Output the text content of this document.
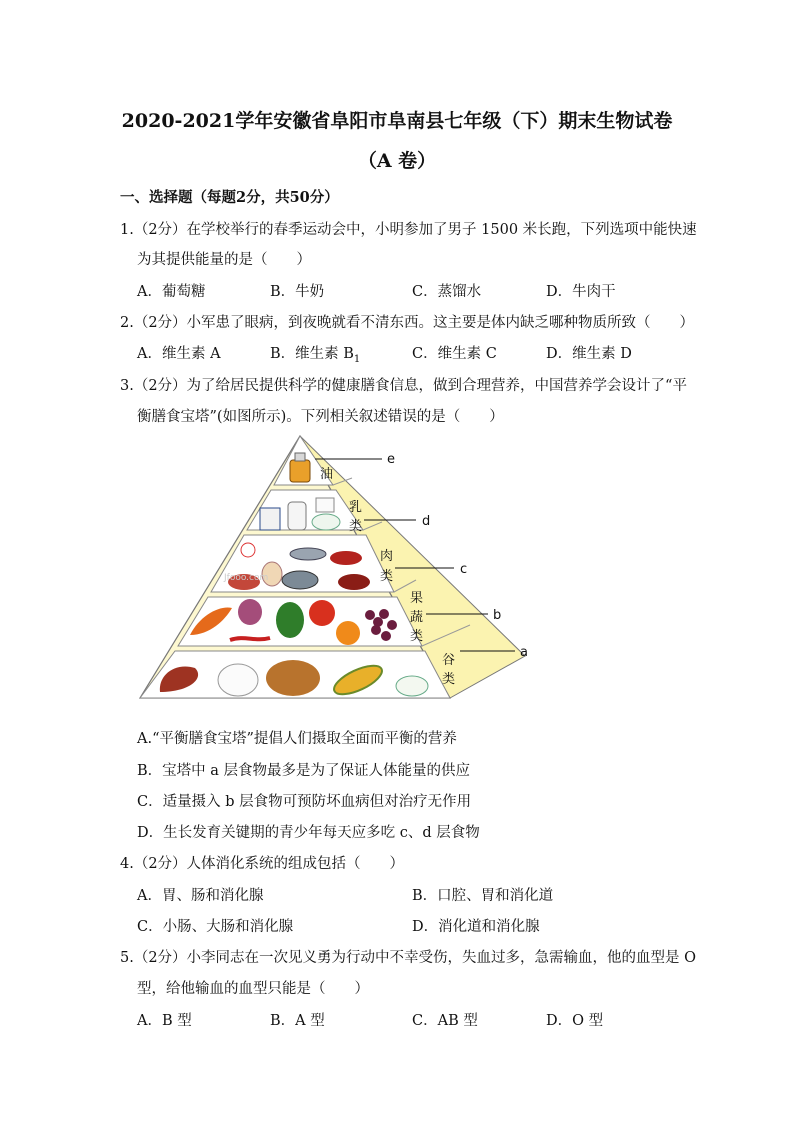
2020-2021学年安徽省阜阳市阜南县七年级（下）期末生物试卷
（A 卷）
一、选择题（每题2分，共50分）
1.（2分）在学校举行的春季运动会中，小明参加了男子 1500 米长跑，下列选项中能快速
为其提供能量的是（　　）
A．葡萄糖	B．牛奶	C．蒸馏水	D．牛肉干
2.（2分）小军患了眼病，到夜晚就看不清东西。这主要是体内缺乏哪种物质所致（　　）
A．维生素 A	B．维生素 $B_1$	C．维生素 C	D．维生素 D
3.（2分）为了给居民提供科学的健康膳食信息，做到合理营养，中国营养学会设计了“平
衡膳食宝塔”(如图所示)。下列相关叙述错误的是（　　）
Jfooo.com
油
乳
类
肉
类
果
蔬
类
谷
类
e
d
c
b
a
A.“平衡膳食宝塔”提倡人们摄取全面而平衡的营养
B．宝塔中 a 层食物最多是为了保证人体能量的供应
C．适量摄入 b 层食物可预防坏血病但对治疗无作用
D．生长发育关键期的青少年每天应多吃 c、d 层食物
4.（2分）人体消化系统的组成包括（　　）
A．胃、肠和消化腺	B．口腔、胃和消化道
C．小肠、大肠和消化腺	D．消化道和消化腺
5.（2分）小李同志在一次见义勇为行动中不幸受伤，失血过多，急需输血，他的血型是 O
型，给他输血的血型只能是（　　）
A．B 型	B．A 型	C．AB 型	D．O 型
